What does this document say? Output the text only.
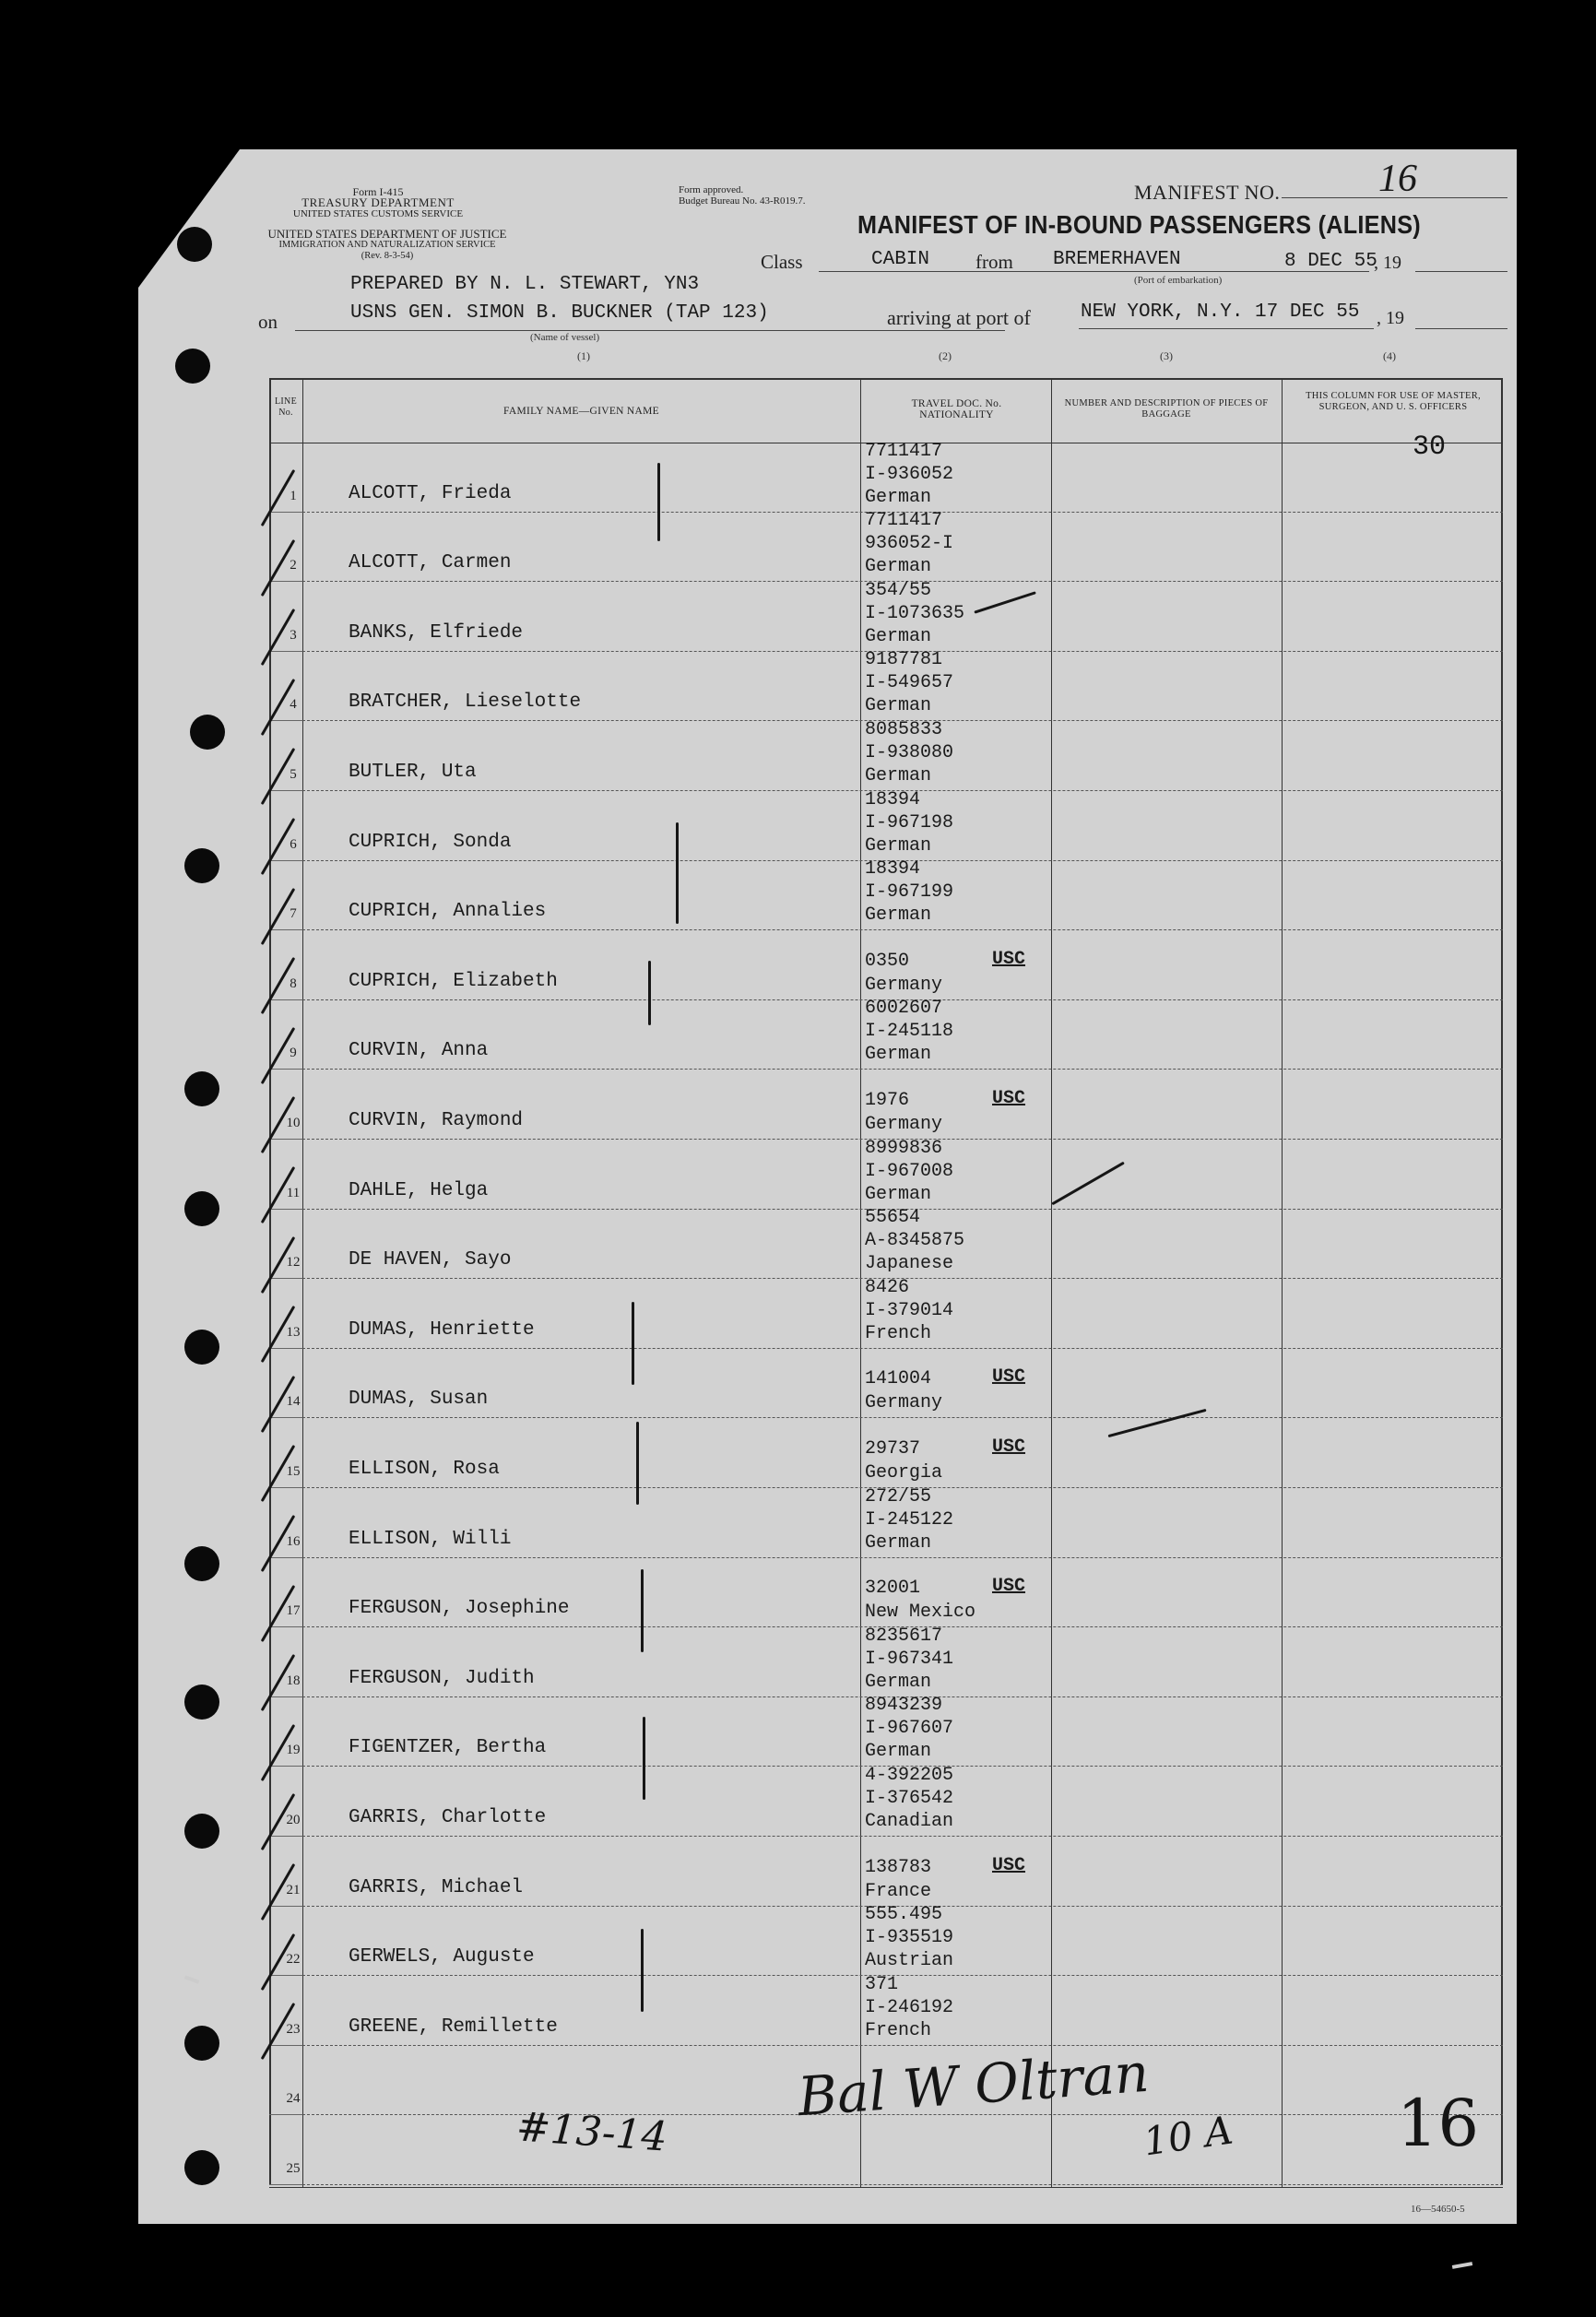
Form I-415
TREASURY DEPARTMENT
UNITED STATES CUSTOMS SERVICE
UNITED STATES DEPARTMENT OF JUSTICE
IMMIGRATION AND NATURALIZATION SERVICE
(Rev. 8-3-54)
Form approved.
Budget Bureau No. 43-R019.7.	MANIFEST NO.	16
MANIFEST OF IN-BOUND PASSENGERS (ALIENS)
Class	CABIN from BREMERHAVEN	8 DEC 55
, 19
(Port of embarkation)
PREPARED BY N. L. STEWART, YN3
on	USNS GEN. SIMON B. BUCKNER (TAP 123)
(Name of vessel)
arriving at port of	NEW YORK, N.Y. 17 DEC 55 , 19
(1)	(2)	(3)	(4)
LINE No.	FAMILY NAME—GIVEN NAME
TRAVEL DOC. No. NATIONALITY
NUMBER AND DESCRIPTION OF PIECES OF BAGGAGE
THIS COLUMN FOR USE OF MASTER, SURGEON, AND U. S. OFFICERS
1	ALCOTT, Frieda
7711417
I-936052
German
2	ALCOTT, Carmen
7711417
936052-I
German
3	BANKS, Elfriede
354/55
I-1073635
German
4	BRATCHER, Lieselotte
9187781
I-549657
German
5	BUTLER, Uta
8085833
I-938080
German
6	CUPRICH, Sonda
18394
I-967198
German
7	CUPRICH, Annalies
18394
I-967199
German
8	CUPRICH, Elizabeth
0350
Germany
USC
9	CURVIN, Anna
6002607
I-245118
German
10	CURVIN, Raymond
1976
Germany
USC
11	DAHLE, Helga
8999836
I-967008
German
12	DE HAVEN, Sayo
55654
A-8345875
Japanese
13	DUMAS, Henriette
8426
I-379014
French
14	DUMAS, Susan
141004
Germany
USC
15	ELLISON, Rosa
29737
Georgia
USC
16	ELLISON, Willi
272/55
I-245122
German
17	FERGUSON, Josephine
32001
New Mexico
USC
18	FERGUSON, Judith
8235617
I-967341
German
19	FIGENTZER, Bertha
8943239
I-967607
German
20	GARRIS, Charlotte
4-392205
I-376542
Canadian
21	GARRIS, Michael
138783
France
USC
22	GERWELS, Auguste
555.495
I-935519
Austrian
23	GREENE, Remillette
371
I-246192
French
24
25
30
#13-14
Bal W Oltran
10 A 16
16—54650-5
